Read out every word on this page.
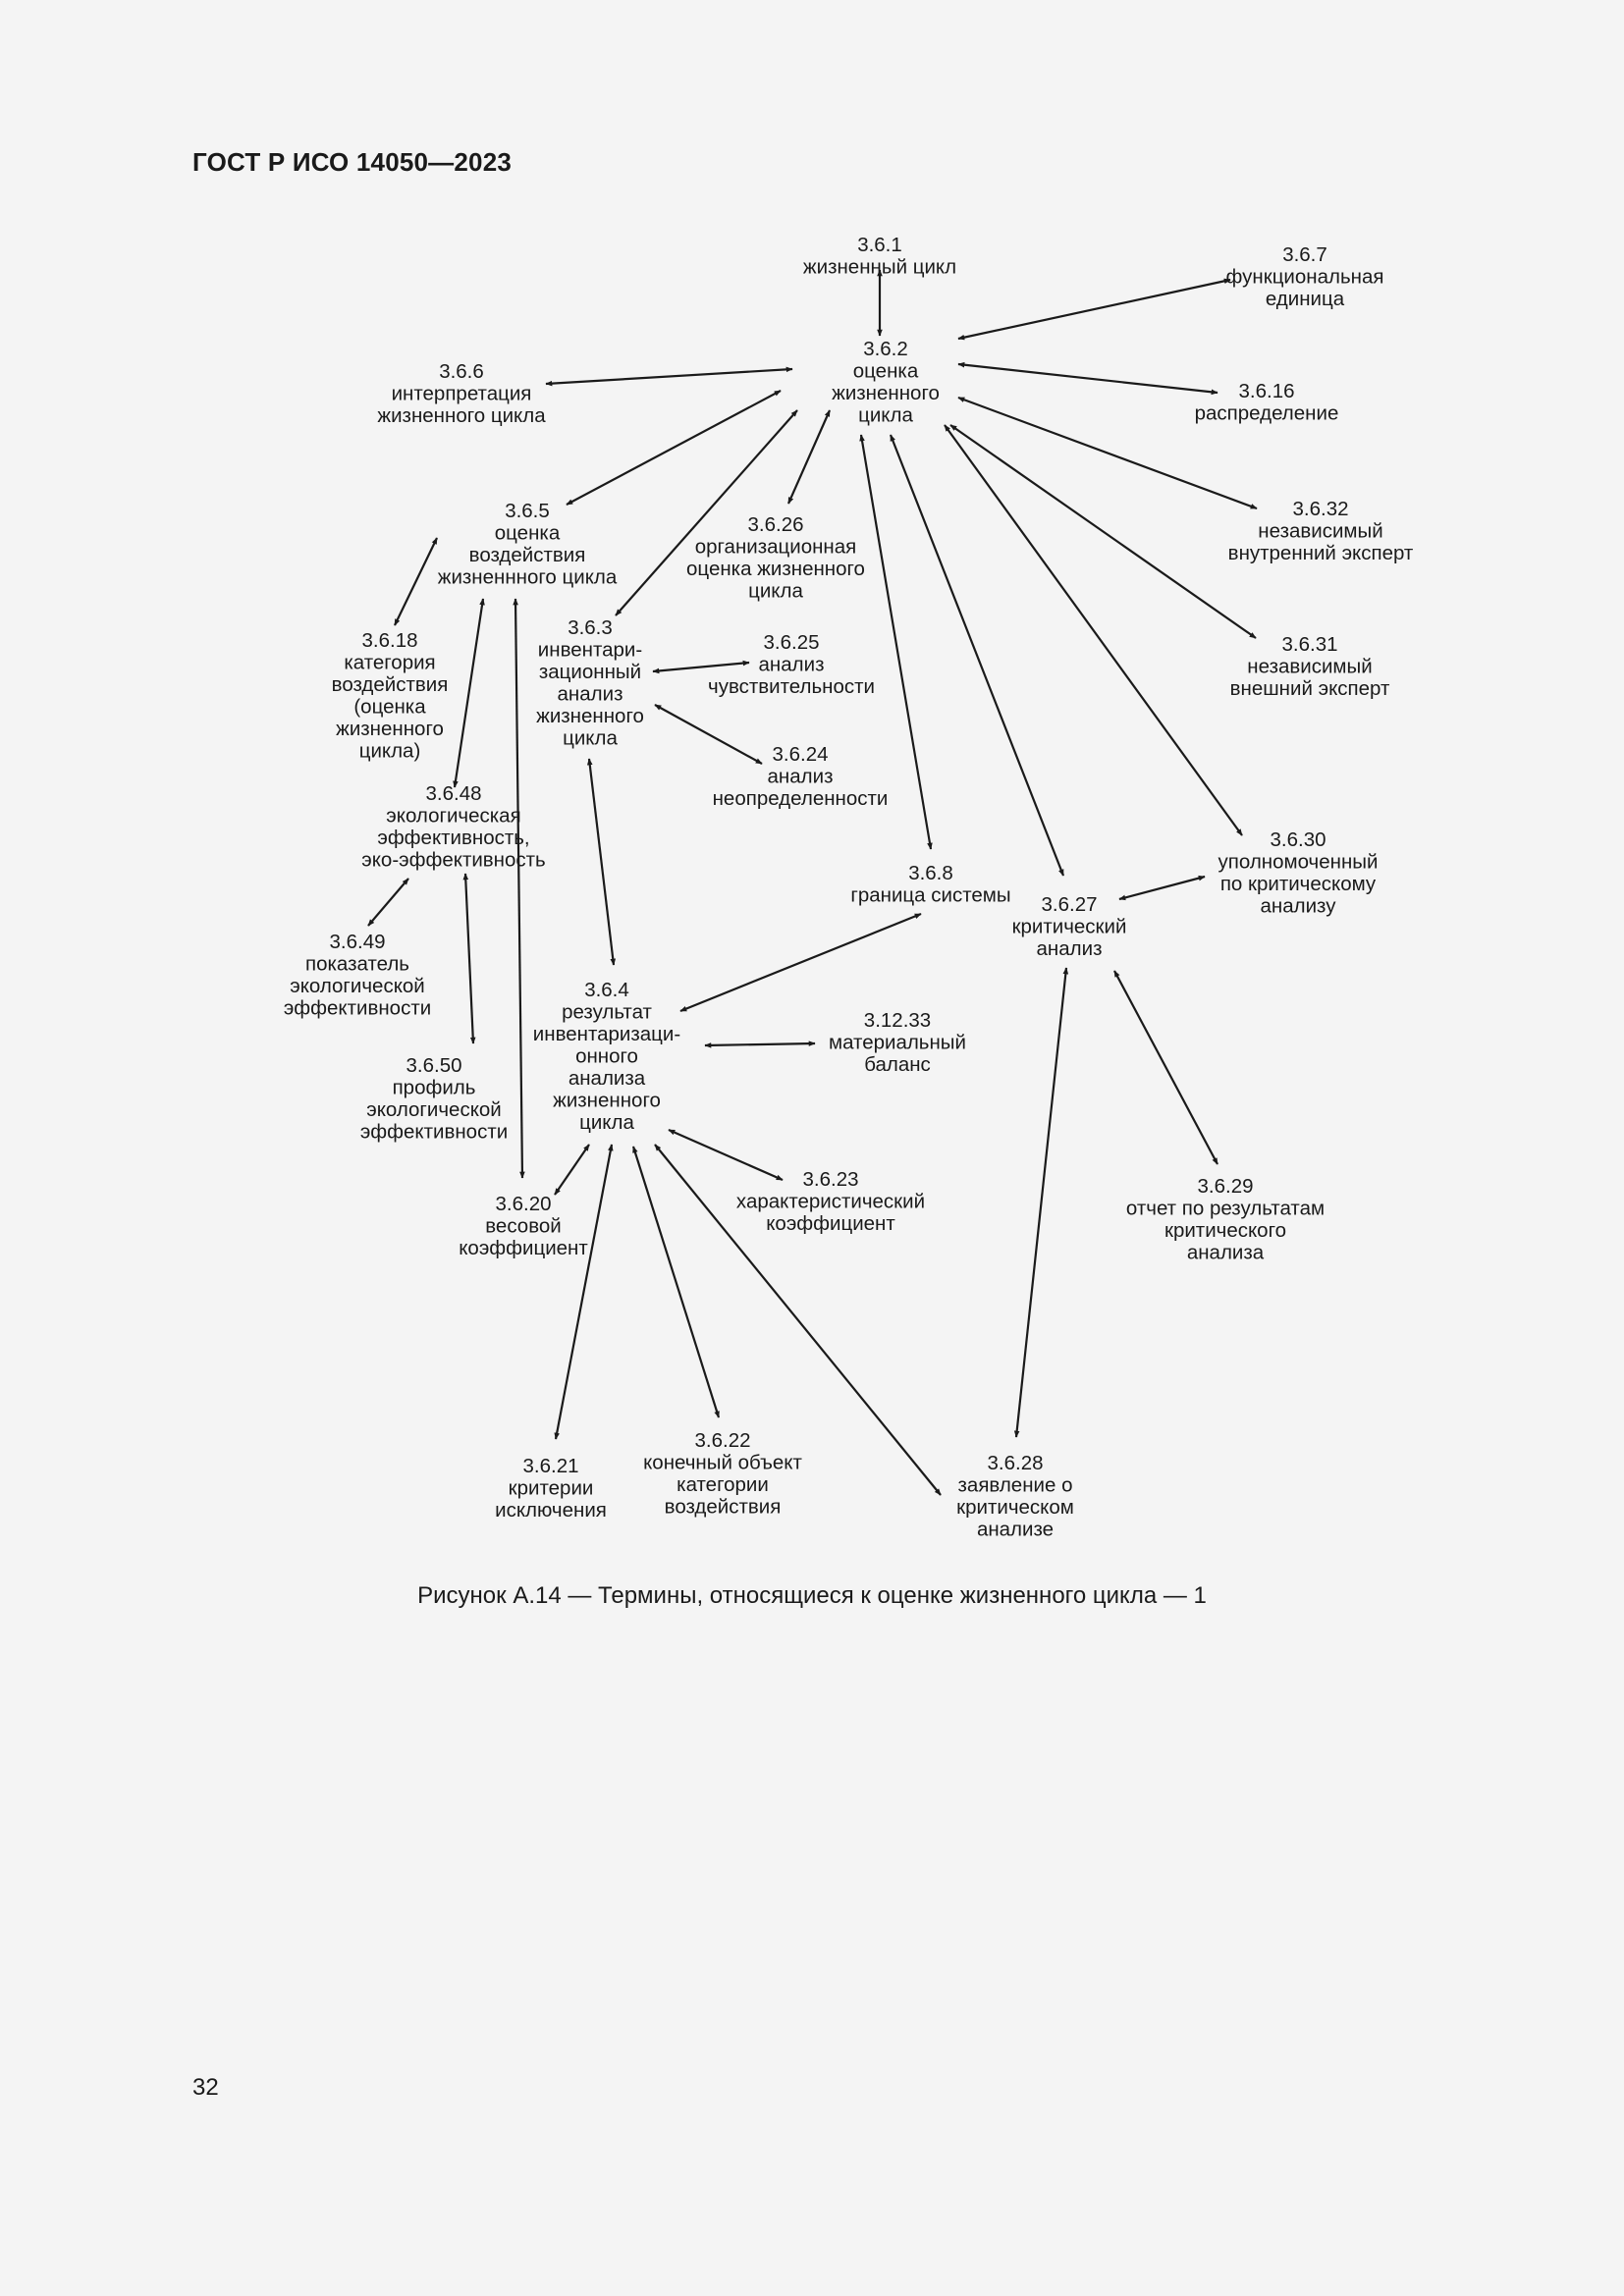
ГОСТ Р ИСО 14050—2023
3.6.1 жизненный цикл
3.6.7 функциональная единица
3.6.2 оценка жизненного цикла
3.6.6 интерпретация жизненного цикла
3.6.16 распределение
3.6.32 независимый внутренний эксперт
3.6.5 оценка воздействия жизненнного цикла
3.6.26 организационная оценка жизненного цикла
3.6.31 независимый внешний эксперт
3.6.18 категория воздействия (оценка жизненного цикла)
3.6.3 инвентари-зационный анализ жизненного цикла
3.6.25 анализ чувствительности
3.6.24 анализ неопределенности
3.6.48 экологическая эффективность, эко-эффективность
3.6.30 уполномоченный по критическому анализу
3.6.8 граница системы	3.6.27 критический анализ
3.6.49 показатель экологической эффективности
3.6.4 результат инвентаризаци-онного анализа жизненного цикла
3.12.33 материальный баланс
3.6.50 профиль экологической эффективности
3.6.29 отчет по результатам критического анализа
3.6.23 характеристический коэффициент
3.6.20 весовой коэффициент
3.6.21 критерии исключения
3.6.22 конечный объект категории воздействия
3.6.28 заявление о критическом анализе
Рисунок А.14 — Термины, относящиеся к оценке жизненного цикла — 1
32
